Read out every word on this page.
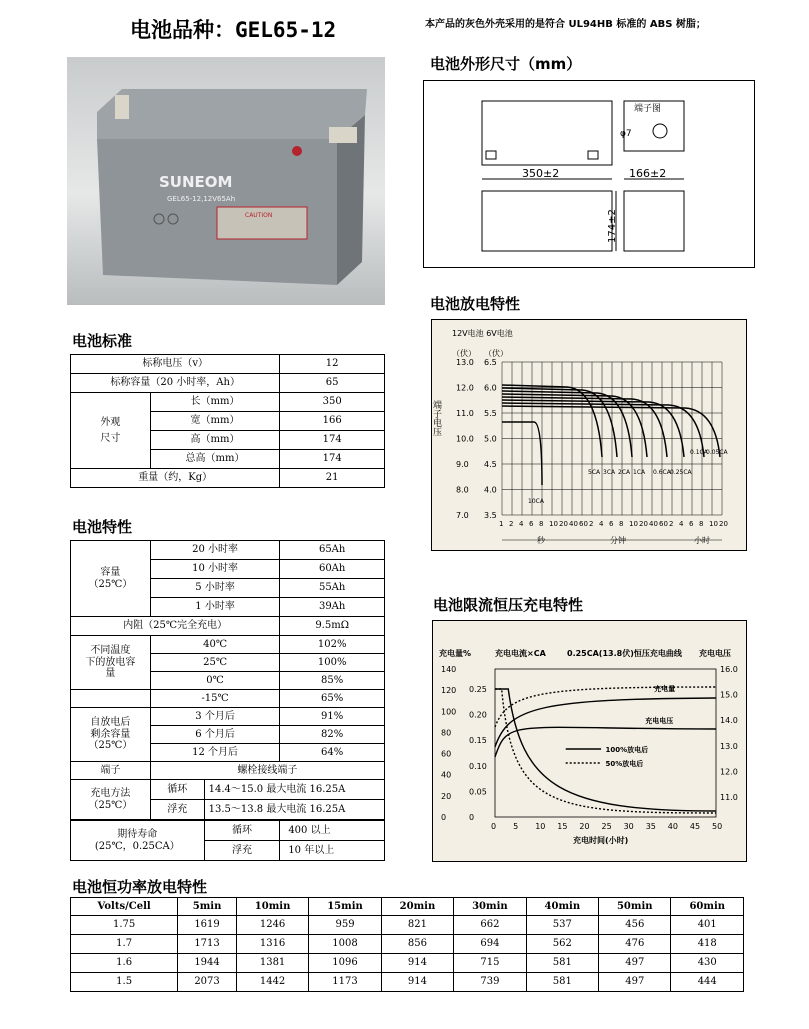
电池品种：GEL65-12	本产品的灰色外壳采用的是符合 UL94HB 标准的 ABS 树脂；
SUNEOM
GEL65-12,12V65Ah
CAUTION
电池标准
标称电压（v）		12
标称容量（20 小时率，Ah）		65
外观
尺寸	长（mm）	350
	宽（mm）	166
	高（mm）	174
	总高（mm）	174
重量（约，Kg）		21
电池特性
容量
（25℃）	20 小时率		65Ah
	10 小时率		60Ah
	5 小时率		55Ah
	1 小时率		39Ah
内阻（25℃完全充电）			9.5mΩ
不同温度
下的放电容
量	40℃		102%
	25℃		100%
	0℃		85%
	-15℃		65%
自放电后
剩余容量
（25℃）	3 个月后		91%
	6 个月后		82%
	12 个月后		64%
端子	螺栓接线端子		
充电方法
（25℃）	循环	14.4～15.0 最大电流 16.25A	
	浮充	13.5～13.8 最大电流 16.25A	
期待寿命
(25℃，0.25CA）	循环	400 以上
	浮充	10 年以上
电池恒功率放电特性
Volts/Cell	5min	10min	15min	20min	30min	40min	50min	60min
1.75	1619	1246	959	821	662	537	456	401
1.7	1713	1316	1008	856	694	562	476	418
1.6	1944	1381	1096	914	715	581	497	430
1.5	2073	1442	1173	914	739	581	497	444
电池外形尺寸（mm）
端子图
φ7
350±2	166±2
174±2
电池放电特性
12V电池 6V电池
（伏） （伏）
端子电压
13.0 6.5
12.0 6.0
11.0 5.5
10.0 5.0
9.0 4.5
8.0 4.0
7.0 3.5
1 2 4 6 8 10 20 40 60 2 4 6 8 10 20 40 60 2 4 6 8 10 20
秒	分钟	小时
10CA
5CA 3CA 2CA 1CA 0.6CA 0.25CA
0.1CA
0.05CA
电池限流恒压充电特性
充电量%	充电电流×CA	0.25CA(13.8伏)恒压充电曲线 充电电压
充电时间(小时)
0
20
40
60
80
100
120
140
0.25
0.20
0.15
0.10
0.05
0
16.0
15.0
14.0
13.0
12.0
11.0
0 5 10 15 20 25 30 35 40 45 50
充电量
充电电压
100%放电后
50%放电后
